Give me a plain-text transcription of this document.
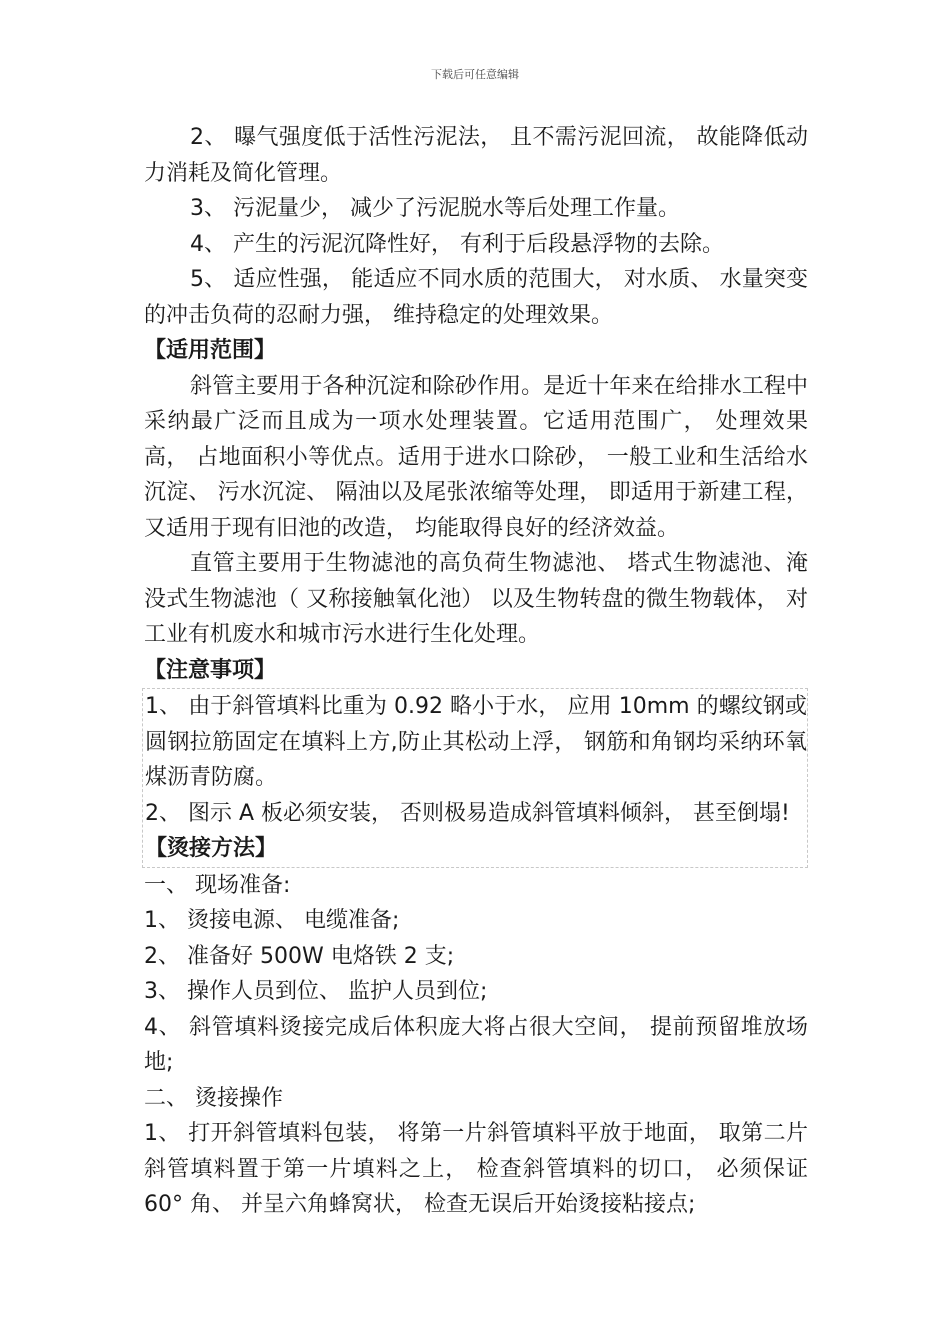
下载后可任意编辑

2、 曝气强度低于活性污泥法， 且不需污泥回流， 故能降低动力消耗及简化管理。

3、 污泥量少， 减少了污泥脱水等后处理工作量。

4、 产生的污泥沉降性好， 有利于后段悬浮物的去除。

5、 适应性强， 能适应不同水质的范围大， 对水质、 水量突变的冲击负荷的忍耐力强， 维持稳定的处理效果。

【适用范围】

斜管主要用于各种沉淀和除砂作用。是近十年来在给排水工程中采纳最广泛而且成为一项水处理装置。它适用范围广， 处理效果高， 占地面积小等优点。适用于进水口除砂， 一般工业和生活给水沉淀、 污水沉淀、 隔油以及尾张浓缩等处理， 即适用于新建工程， 又适用于现有旧池的改造， 均能取得良好的经济效益。

直管主要用于生物滤池的高负荷生物滤池、 塔式生物滤池、淹没式生物滤池（ 又称接触氧化池） 以及生物转盘的微生物载体， 对工业有机废水和城市污水进行生化处理。

【注意事项】

1、 由于斜管填料比重为 0.92 略小于水， 应用 10mm 的螺纹钢或圆钢拉筋固定在填料上方,防止其松动上浮， 钢筋和角钢均采纳环氧煤沥青防腐。

2、 图示 A 板必须安装， 否则极易造成斜管填料倾斜， 甚至倒塌!

【烫接方法】

一、 现场准备:

1、 烫接电源、 电缆准备;

2、 准备好 500W 电烙铁 2 支;

3、 操作人员到位、 监护人员到位;

4、 斜管填料烫接完成后体积庞大将占很大空间， 提前预留堆放场地;

二、 烫接操作

1、 打开斜管填料包装， 将第一片斜管填料平放于地面， 取第二片斜管填料置于第一片填料之上， 检查斜管填料的切口， 必须保证 60° 角、 并呈六角蜂窝状， 检查无误后开始烫接粘接点;
